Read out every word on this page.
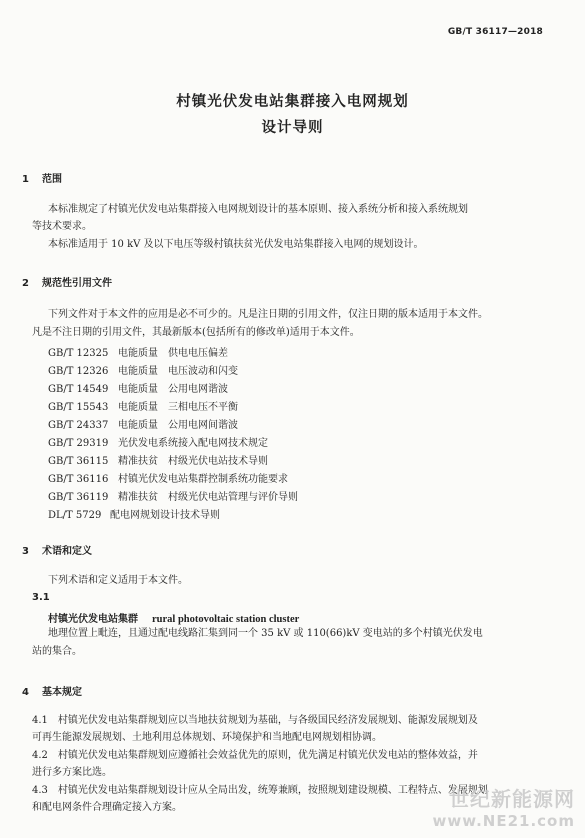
GB/T 36117—2018
村镇光伏发电站集群接入电网规划
设计导则
1 范围
本标准规定了村镇光伏发电站集群接入电网规划设计的基本原则、接入系统分析和接入系统规划
等技术要求。
本标准适用于 10 kV 及以下电压等级村镇扶贫光伏发电站集群接入电网的规划设计。
2 规范性引用文件
下列文件对于本文件的应用是必不可少的。凡是注日期的引用文件，仅注日期的版本适用于本文件。
凡是不注日期的引用文件，其最新版本(包括所有的修改单)适用于本文件。
GB/T 12325 电能质量　供电电压偏差
GB/T 12326 电能质量　电压波动和闪变
GB/T 14549 电能质量　公用电网谐波
GB/T 15543 电能质量　三相电压不平衡
GB/T 24337 电能质量　公用电网间谐波
GB/T 29319 光伏发电系统接入配电网技术规定
GB/T 36115 精准扶贫　村级光伏电站技术导则
GB/T 36116 村镇光伏发电站集群控制系统功能要求
GB/T 36119 精准扶贫　村级光伏电站管理与评价导则
DL/T 5729 配电网规划设计技术导则
3 术语和定义
下列术语和定义适用于本文件。
3.1
村镇光伏发电站集群 rural photovoltaic station cluster
地理位置上毗连，且通过配电线路汇集到同一个 35 kV 或 110(66)kV 变电站的多个村镇光伏发电
站的集合。
4 基本规定
4.1　村镇光伏发电站集群规划应以当地扶贫规划为基础，与各级国民经济发展规划、能源发展规划及
可再生能源发展规划、土地利用总体规划、环境保护和当地配电网规划相协调。
4.2　村镇光伏发电站集群规划应遵循社会效益优先的原则，优先满足村镇光伏发电站的整体效益，并
进行多方案比选。
4.3　村镇光伏发电站集群规划设计应从全局出发，统筹兼顾，按照规划建设规模、工程特点、发展规划
和配电网条件合理确定接入方案。	世纪新能源网
www.NE21.com
